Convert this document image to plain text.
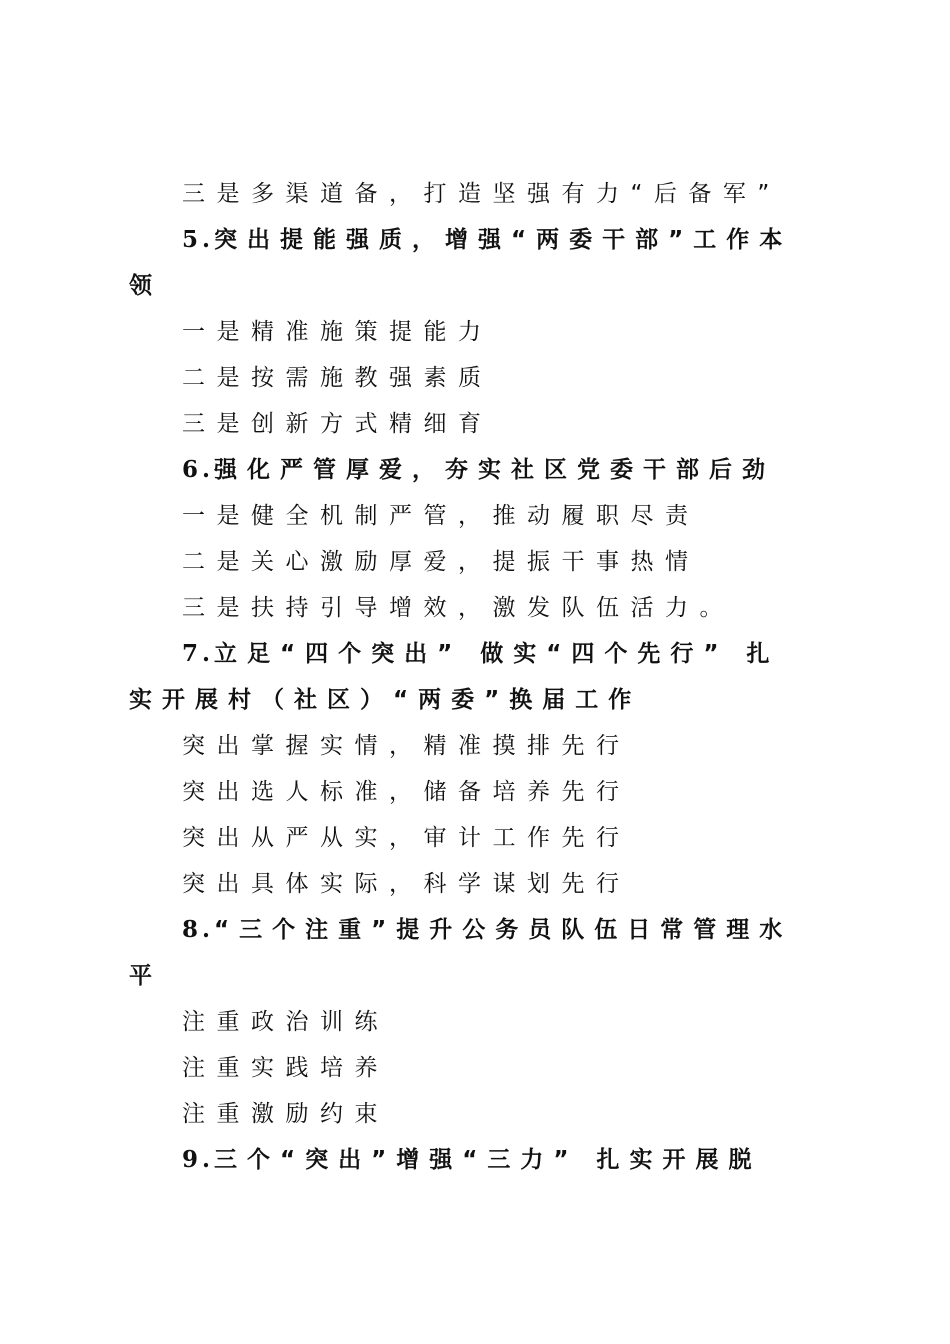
三是多渠道备，打造坚强有力“后备军”
5.突出提能强质，增强“两委干部”工作本
领
一是精准施策提能力
二是按需施教强素质
三是创新方式精细育
6.强化严管厚爱，夯实社区党委干部后劲
一是健全机制严管，推动履职尽责
二是关心激励厚爱，提振干事热情
三是扶持引导增效，激发队伍活力。
7.立足“四个突出” 做实“四个先行” 扎
实开展村（社区）“两委”换届工作
突出掌握实情，精准摸排先行
突出选人标准，储备培养先行
突出从严从实，审计工作先行
突出具体实际，科学谋划先行
8.“三个注重”提升公务员队伍日常管理水
平
注重政治训练
注重实践培养
注重激励约束
9.三个“突出”增强“三力” 扎实开展脱
